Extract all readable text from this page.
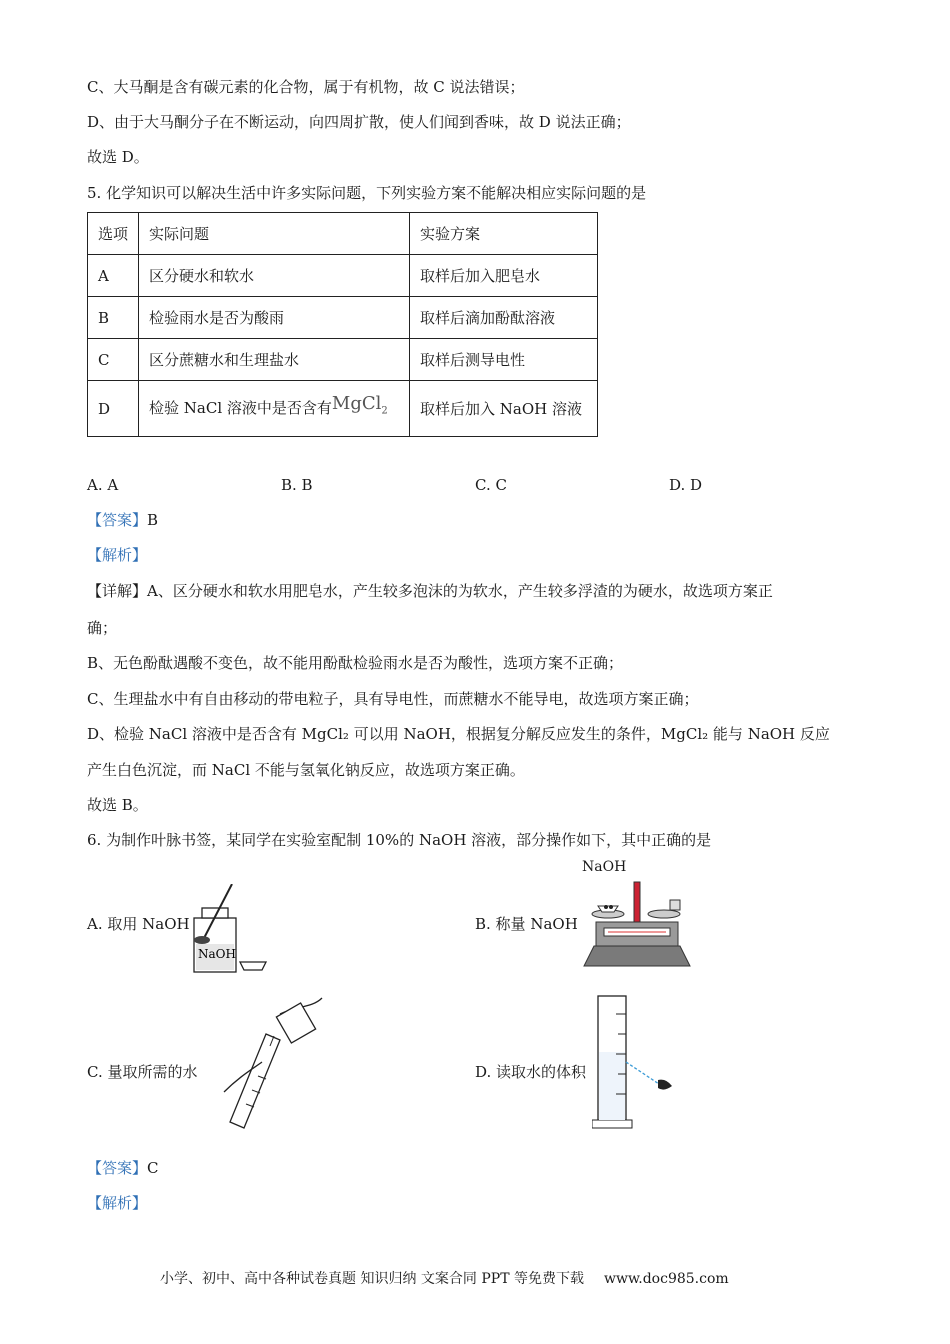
C、大马酮是含有碳元素的化合物，属于有机物，故 C 说法错误；
D、由于大马酮分子在不断运动，向四周扩散，使人们闻到香味，故 D 说法正确；
故选 D。
5. 化学知识可以解决生活中许多实际问题，下列实验方案不能解决相应实际问题的是
选项	实际问题	实验方案
A	区分硬水和软水	取样后加入肥皂水
B	检验雨水是否为酸雨	取样后滴加酚酞溶液
C	区分蔗糖水和生理盐水	取样后测导电性
D	检验 NaCl 溶液中是否含有MgCl$_2$	取样后加入 NaOH 溶液
A. A	B. B	C. C	D. D
【答案】B
【解析】
【详解】A、区分硬水和软水用肥皂水，产生较多泡沫的为软水，产生较多浮渣的为硬水，故选项方案正
确；
B、无色酚酞遇酸不变色，故不能用酚酞检验雨水是否为酸性，选项方案不正确；
C、生理盐水中有自由移动的带电粒子，具有导电性，而蔗糖水不能导电，故选项方案正确；
D、检验 NaCl 溶液中是否含有 MgCl₂ 可以用 NaOH，根据复分解反应发生的条件，MgCl₂ 能与 NaOH 反应
产生白色沉淀，而 NaCl 不能与氢氧化钠反应，故选项方案正确。
故选 B。
6. 为制作叶脉书签，某同学在实验室配制 10%的 NaOH 溶液，部分操作如下，其中正确的是
A. 取用 NaOH
NaOH
B. 称量 NaOH
NaOH
C. 量取所需的水	D. 读取水的体积
【答案】C
【解析】
小学、初中、高中各种试卷真题 知识归纳 文案合同 PPT 等免费下载 www.doc985.com
